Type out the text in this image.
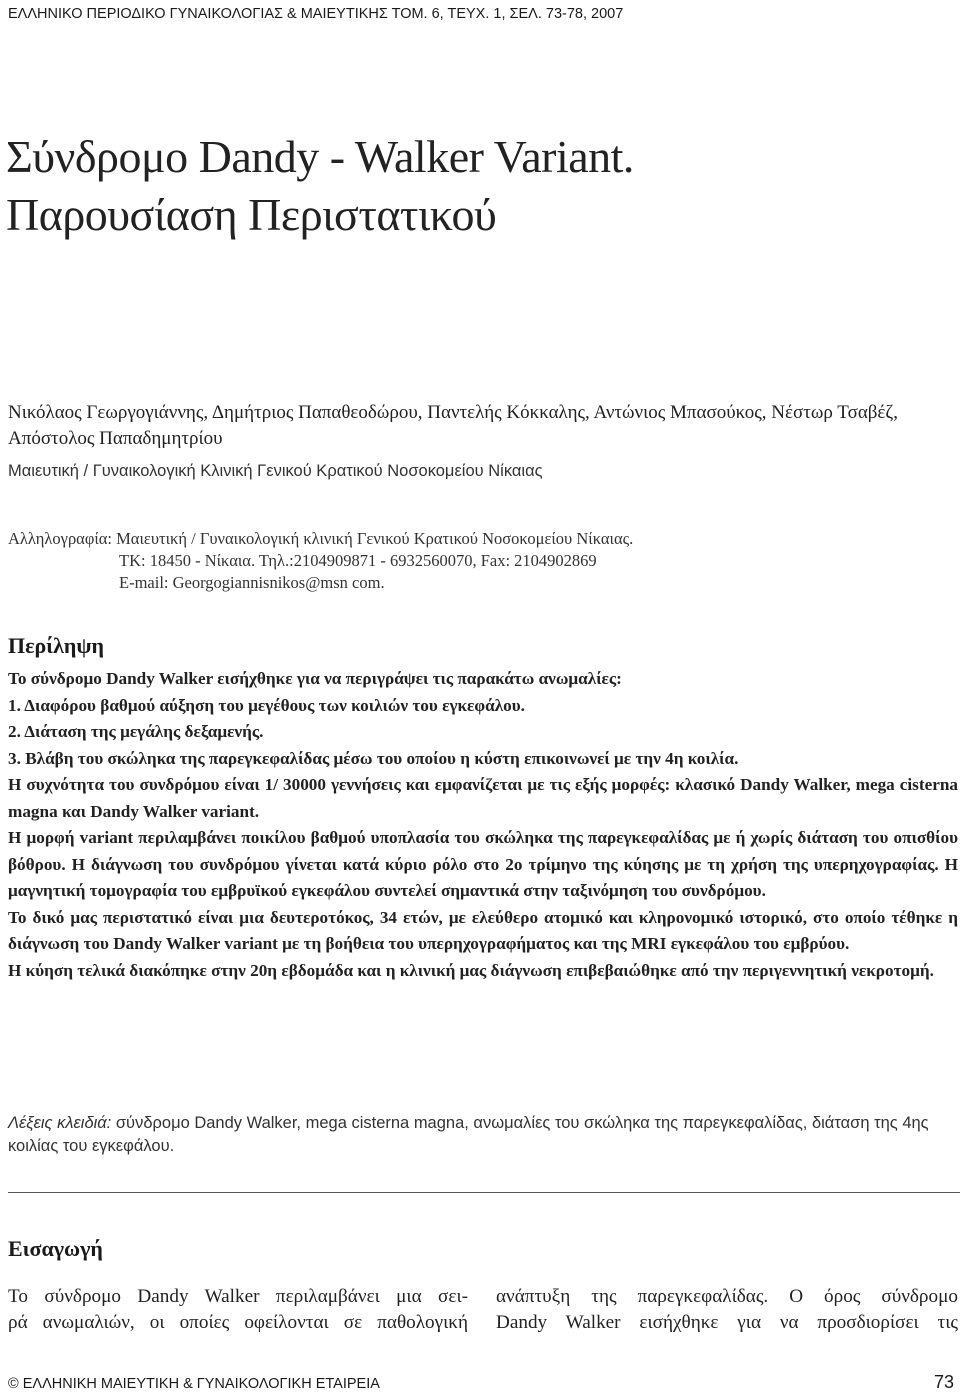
ΕΛΛΗΝΙΚΟ ΠΕΡΙΟΔΙΚΟ ΓΥΝΑΙΚΟΛΟΓΙΑΣ & ΜΑΙΕΥΤΙΚΗΣ ΤΟΜ. 6, ΤΕΥΧ. 1, ΣΕΛ. 73-78, 2007
Σύνδρομο Dandy - Walker Variant.
Παρουσίαση Περιστατικού
Νικόλαος Γεωργογιάννης, Δημήτριος Παπαθεοδώρου, Παντελής Κόκκαλης, Αντώνιος Μπασούκος, Νέστωρ Τσαβέζ, Απόστολος Παπαδημητρίου
Μαιευτική / Γυναικολογική Κλινική Γενικού Κρατικού Νοσοκομείου Νίκαιας
Αλληλογραφία: Μαιευτική / Γυναικολογική κλινική Γενικού Κρατικού Νοσοκομείου Νίκαιας.
ΤΚ: 18450 - Νίκαια. Τηλ.:2104909871 - 6932560070, Fax: 2104902869
E-mail: Georgogiannisnikos@msn com.
Περίληψη

Το σύνδρομο Dandy Walker εισήχθηκε για να περιγράψει τις παρακάτω ανωμαλίες:

1. Διαφόρου βαθμού αύξηση του μεγέθους των κοιλιών του εγκεφάλου.

2. Διάταση της μεγάλης δεξαμενής.

3. Βλάβη του σκώληκα της παρεγκεφαλίδας μέσω του οποίου η κύστη επικοινωνεί με την 4η κοιλία.

Η συχνότητα του συνδρόμου είναι 1/ 30000 γεννήσεις και εμφανίζεται με τις εξής μορφές: κλασικό Dandy Walker, mega cisterna magna και Dandy Walker variant.

Η μορφή variant περιλαμβάνει ποικίλου βαθμού υποπλασία του σκώληκα της παρεγκεφαλίδας με ή χωρίς διάταση του οπισθίου βόθρου. Η διάγνωση του συνδρόμου γίνεται κατά κύριο ρόλο στο 2ο τρίμηνο της κύησης με τη χρήση της υπερηχογραφίας. Η μαγνητική τομογραφία του εμβρυϊκού εγκεφάλου συντελεί σημαντικά στην ταξινόμηση του συνδρόμου.

Το δικό μας περιστατικό είναι μια δευτεροτόκος, 34 ετών, με ελεύθερο ατομικό και κληρονομικό ιστορικό, στο οποίο τέθηκε η διάγνωση του Dandy Walker variant με τη βοήθεια του υπερηχογραφήματος και της MRI εγκεφάλου του εμβρύου.

Η κύηση τελικά διακόπηκε στην 20η εβδομάδα και η κλινική μας διάγνωση επιβεβαιώθηκε από την περιγεννητική νεκροτομή.

Λέξεις κλειδιά: σύνδρομο Dandy Walker, mega cisterna magna, ανωμαλίες του σκώληκα της παρεγκεφαλίδας, διάταση της 4ης κοιλίας του εγκεφάλου.
Εισαγωγή
Το σύνδρομο Dandy Walker περιλαμβάνει μια σει-
ρά ανωμαλιών, οι οποίες οφείλονται σε παθολογική
ανάπτυξη της παρεγκεφαλίδας. Ο όρος σύνδρομο
Dandy Walker εισήχθηκε για να προσδιορίσει τις
© ΕΛΛΗΝΙΚΗ ΜΑΙΕΥΤΙΚΗ & ΓΥΝΑΙΚΟΛΟΓΙΚΗ ΕΤΑΙΡΕΙΑ	73
